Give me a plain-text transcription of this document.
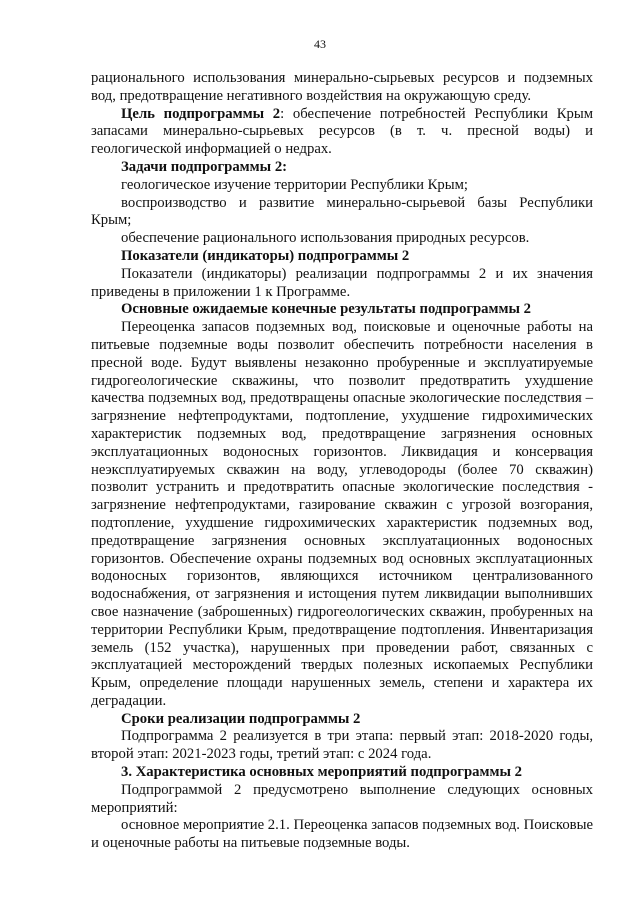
43

рационального использования минерально-сырьевых ресурсов и подземных вод, предотвращение негативного воздействия на окружающую среду.

Цель подпрограммы 2: обеспечение потребностей Республики Крым запасами минерально-сырьевых ресурсов (в т. ч. пресной воды) и геологической информацией о недрах.

Задачи подпрограммы 2:

геологическое изучение территории Республики Крым;

воспроизводство и развитие минерально-сырьевой базы Республики Крым;

обеспечение рационального использования природных ресурсов.

Показатели (индикаторы) подпрограммы 2

Показатели (индикаторы) реализации подпрограммы 2 и их значения приведены в приложении 1 к Программе.

Основные ожидаемые конечные результаты подпрограммы 2

Переоценка запасов подземных вод, поисковые и оценочные работы на питьевые подземные воды позволит обеспечить потребности населения в пресной воде. Будут выявлены незаконно пробуренные и эксплуатируемые гидрогеологические скважины, что позволит предотвратить ухудшение качества подземных вод, предотвращены опасные экологические последствия – загрязнение нефтепродуктами, подтопление, ухудшение гидрохимических характеристик подземных вод, предотвращение загрязнения основных эксплуатационных водоносных горизонтов. Ликвидация и консервация неэксплуатируемых скважин на воду, углеводороды (более 70 скважин) позволит устранить и предотвратить опасные экологические последствия - загрязнение нефтепродуктами, газирование скважин с угрозой возгорания, подтопление, ухудшение гидрохимических характеристик подземных вод, предотвращение загрязнения основных эксплуатационных водоносных горизонтов. Обеспечение охраны подземных вод основных эксплуатационных водоносных горизонтов, являющихся источником централизованного водоснабжения, от загрязнения и истощения путем ликвидации выполнивших свое назначение (заброшенных) гидрогеологических скважин, пробуренных на территории Республики Крым, предотвращение подтопления. Инвентаризация земель (152 участка), нарушенных при проведении работ, связанных с эксплуатацией месторождений твердых полезных ископаемых Республики Крым, определение площади нарушенных земель, степени и характера их деградации.

Сроки реализации подпрограммы 2

Подпрограмма 2 реализуется в три этапа: первый этап: 2018-2020 годы, второй этап: 2021-2023 годы, третий этап: с 2024 года.

3. Характеристика основных мероприятий подпрограммы 2

Подпрограммой 2 предусмотрено выполнение следующих основных мероприятий:

основное мероприятие 2.1. Переоценка запасов подземных вод. Поисковые и оценочные работы на питьевые подземные воды.
